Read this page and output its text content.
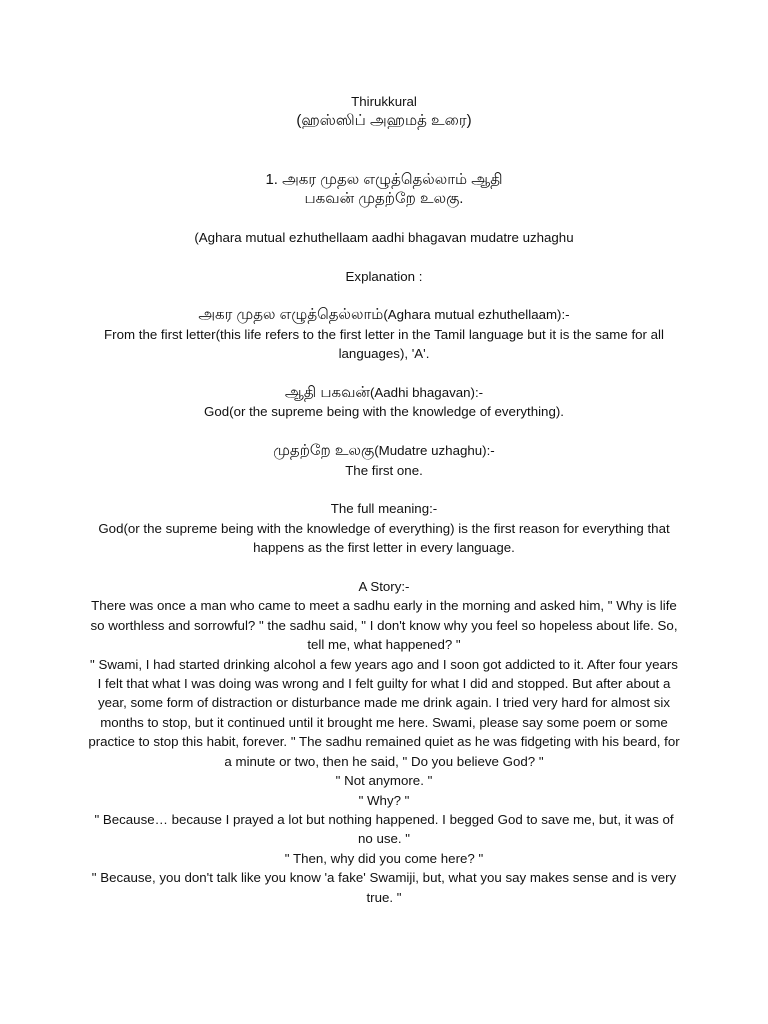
Thirukkural
(ஹஸ்ஸிப் அஹமத் உரை)
1. அகர முதல எழுத்தெல்லாம் ஆதி
பகவன் முதற்றே உலகு.
(Aghara mutual ezhuthellaam aadhi bhagavan mudatre uzhaghu
Explanation :
அகர முதல எழுத்தெல்லாம்(Aghara mutual ezhuthellaam):-
From the first letter(this life refers to the first letter in the Tamil language but it is the same for all languages), 'A'.
ஆதி பகவன்(Aadhi bhagavan):-
God(or the supreme being with the knowledge of everything).
முதற்றே உலகு(Mudatre uzhaghu):-
The first one.
The full meaning:-
God(or the supreme being with the knowledge of everything) is the first reason for everything that happens as the first letter in every language.
A Story:-
There was once a man who came to meet a sadhu early in the morning and asked him, " Why is life so worthless and sorrowful? " the sadhu said, " I don't know why you feel so hopeless about life. So, tell me, what happened? "
" Swami, I had started drinking alcohol a few years ago and I soon got addicted to it. After four years I felt that what I was doing was wrong and I felt guilty for what I did and stopped. But after about a year, some form of distraction or disturbance made me drink again. I tried very hard for almost six months to stop, but it continued until it brought me here. Swami, please say some poem or some practice to stop this habit, forever. " The sadhu remained quiet as he was fidgeting with his beard, for a minute or two, then he said, " Do you believe God? "
" Not anymore. "
" Why? "
" Because… because I prayed a lot but nothing happened. I begged God to save me, but, it was of no use. "
" Then, why did you come here? "
" Because, you don't talk like you know 'a fake' Swamiji, but, what you say makes sense and is very true. "
